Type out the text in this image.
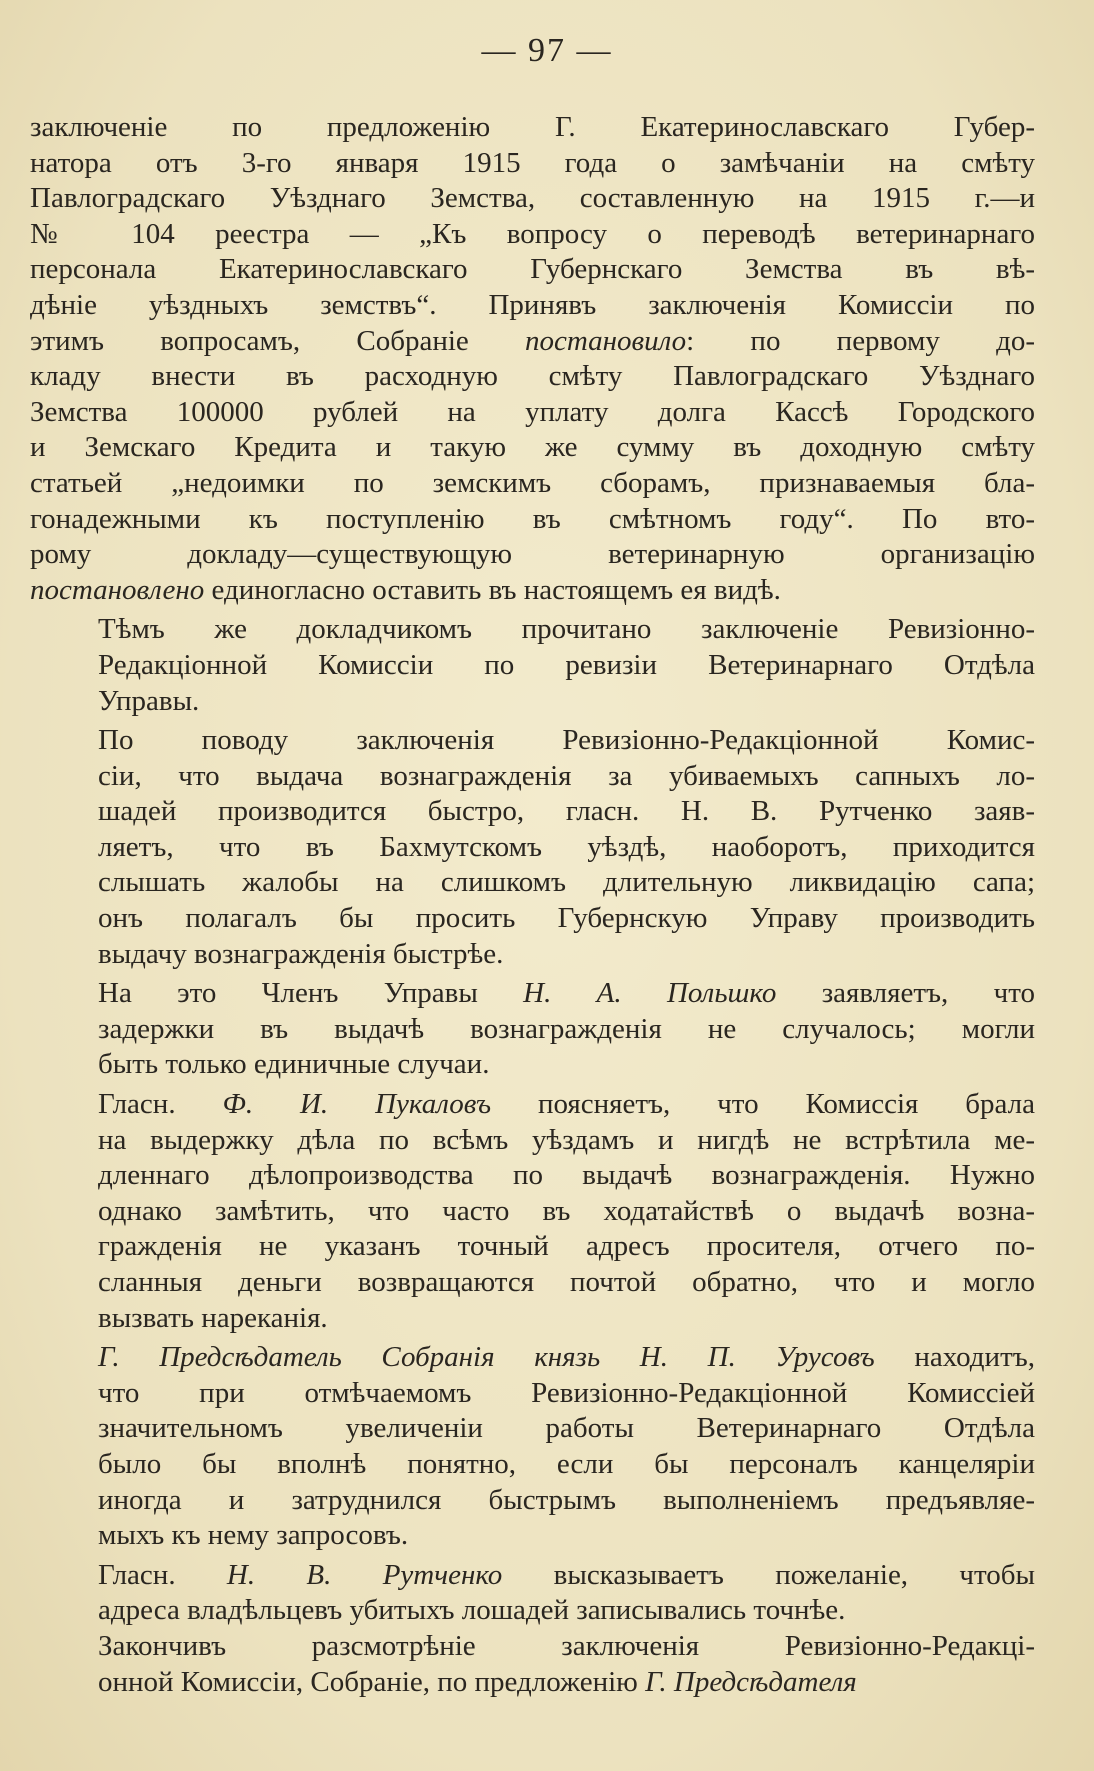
— 97 —
заключеніе по предложенію Г. Екатеринославскаго Губер-
натора отъ 3-го января 1915 года о замѣчаніи на смѣту
Павлоградскаго Уѣзднаго Земства, составленную на 1915 г.—и
№ 104 реестра — „Къ вопросу о переводѣ ветеринарнаго
персонала Екатеринославскаго Губернскаго Земства въ вѣ-
дѣніе уѣздныхъ земствъ“. Принявъ заключенія Комиссіи по
этимъ вопросамъ, Собраніе постановило: по первому до-
кладу внести въ расходную смѣту Павлоградскаго Уѣзднаго
Земства 100000 рублей на уплату долга Кассѣ Городского
и Земскаго Кредита и такую же сумму въ доходную смѣту
статьей „недоимки по земскимъ сборамъ, признаваемыя бла-
гонадежными къ поступленію въ смѣтномъ году“. По вто-
рому докладу—существующую ветеринарную организацію
постановлено единогласно оставить въ настоящемъ ея видѣ.
Тѣмъ же докладчикомъ прочитано заключеніе Ревизіонно-
Редакціонной Комиссіи по ревизіи Ветеринарнаго Отдѣла
Управы.
По поводу заключенія Ревизіонно-Редакціонной Комис-
сіи, что выдача вознагражденія за убиваемыхъ сапныхъ ло-
шадей производится быстро, гласн. Н. В. Рутченко заяв-
ляетъ, что въ Бахмутскомъ уѣздѣ, наоборотъ, приходится
слышать жалобы на слишкомъ длительную ликвидацію сапа;
онъ полагалъ бы просить Губернскую Управу производить
выдачу вознагражденія быстрѣе.
На это Членъ Управы Н. А. Польшко заявляетъ, что
задержки въ выдачѣ вознагражденія не случалось; могли
быть только единичные случаи.
Гласн. Ф. И. Пукаловъ поясняетъ, что Комиссія брала
на выдержку дѣла по всѣмъ уѣздамъ и нигдѣ не встрѣтила ме-
дленнаго дѣлопроизводства по выдачѣ вознагражденія. Нужно
однако замѣтить, что часто въ ходатайствѣ о выдачѣ возна-
гражденія не указанъ точный адресъ просителя, отчего по-
сланныя деньги возвращаются почтой обратно, что и могло
вызвать нареканія.
Г. Предсѣдатель Собранія князь Н. П. Урусовъ находитъ,
что при отмѣчаемомъ Ревизіонно-Редакціонной Комиссіей
значительномъ увеличеніи работы Ветеринарнаго Отдѣла
было бы вполнѣ понятно, если бы персоналъ канцеляріи
иногда и затруднился быстрымъ выполненіемъ предъявляе-
мыхъ къ нему запросовъ.
Гласн. Н. В. Рутченко высказываетъ пожеланіе, чтобы
адреса владѣльцевъ убитыхъ лошадей записывались точнѣе.
Закончивъ разсмотрѣніе заключенія Ревизіонно-Редакці-
онной Комиссіи, Собраніе, по предложенію Г. Предсѣдателя
